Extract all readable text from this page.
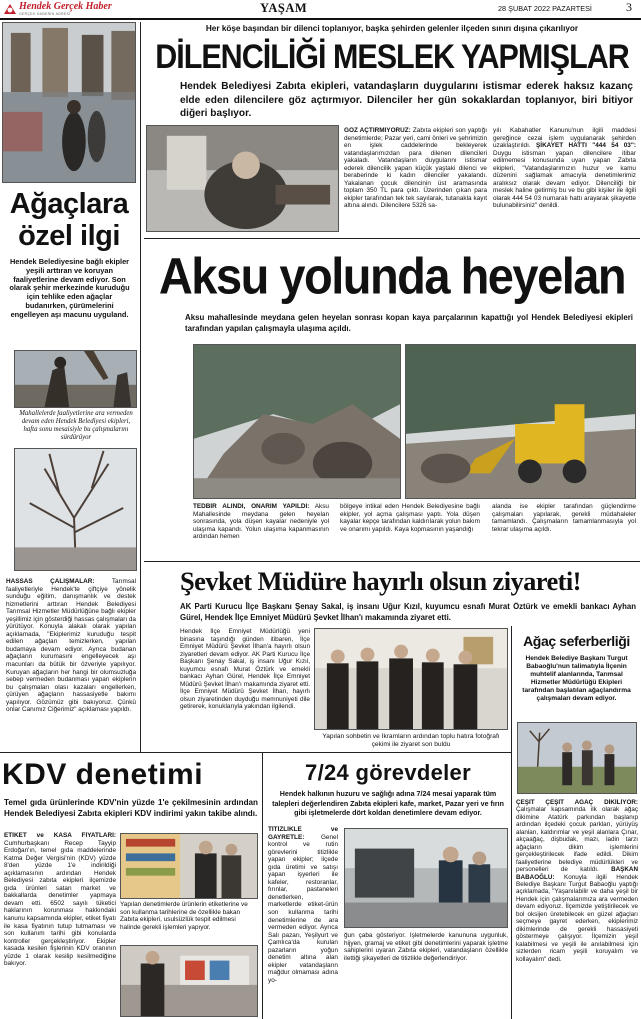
Hendek Gerçek Haber
GERÇEK HABERİN ADRESİ	YAŞAM	28 ŞUBAT 2022 PAZARTESİ	3
Ağaçlara
özel ilgi
Hendek Belediyesine bağlı ekipler yeşili arttıran ve koruyan faaliyetlerine devam ediyor. Son olarak şehir merkezinde kuruduğu için tehlike eden ağaçlar budanırken, çürümelerini engelleyen aşı macunu uyguland.
Mahallelerde faaliyetlerine ara vermeden devam eden Hendek Belediyesi ekipleri, hafta sonu mesaisiyle bu çalışmalarını sürdürüyor
HASSAS ÇALIŞMALAR:	Tarımsal faaliyetleriyle Hendek'te çiftçiye yönelik sunduğu eğitim, danışmanlık ve destek hizmetlerini arttıran Hendek Belediyesi Tarımsal Hizmetler Müdürlüğüne bağlı ekipler yeşillimiz için gösterdiği hassas çalışmaları da yürütüyor. Konuyla alakalı olarak yapılan açıklamada, "Ekiplerimiz kuruduğu tespit edilen ağaçları temizlerken, yapılan budamaya devam ediyor. Ayrıca budanan ağaçların kurumasını engelleyecek aşı macunları da bütük bir özveriyle yapılıyor. Kuruyan ağaçların her hangi bir olumsuzluğa sebep vermeden budanması yapan ekiplerin bu çalışmaları olası kazaları engellerken, çürüyen ağaçların hassasiyetle bakımı yapılıyor. Gözümüz gibi bakıyoruz. Çünkü onlar Canımız Ciğerimiz" açıklaması yapıldı.
Her köşe başından bir dilenci toplanıyor, başka şehirden gelenler ilçeden sınırı dışına çıkarılıyor
DİLENCİLİĞİ MESLEK YAPMIŞLAR
Hendek Belediyesi Zabıta ekipleri, vatandaşların duygularını istismar ederek haksız kazanç elde eden dilencilere göz açtırmıyor. Dilenciler her gün sokaklardan toplanıyor, biri bitiyor diğeri başlıyor.
GÖZ AÇTIRMIYORUZ: Zabıta ekipleri son yaptığı denetimlerde; Pazar yeri, cami önleri ve şehrimizin en işlek caddelerinde bekleyerek vatandaşlarımızdan para dilenen dilencileri yakaladı. Vatandaşların duygularını istismar ederek dilencilik yapan küçük yaştaki dilenci ve beraberinde ki kadın dilenciler yakalandı. Yakalanan çocuk dilencinin üst aramasında toplam 350 TL para çıktı. Üzerinden çıkan para ekipler tarafından tek tek sayılarak, tutanakla kayıt altına alındı. Dilencilere 5326 sa-
yılı Kabahatler Kanunu'nun ilgili maddesi gereğince cezai işlem uygulanarak şehirden uzaklaştırıldı. ŞİKAYET HATTI "444 54 03": Duygu istismarı yapan dilencilere itibar edilmemesi konusunda uyarı yapan Zabıta ekipleri, "Vatandaşlarımızın huzur ve kamu düzenini sağlamak amacıyla denetimlerimiz aralıksız olarak devam ediyor. Dilenciliği bir meslek haline getirmiş bu ve bu gibi kişiler ile ilgili olarak 444 54 03 numaralı hattı arayarak şikayette bulunabilirsiniz" denildi.
Aksu yolunda heyelan
Aksu mahallesinde meydana gelen heyelan sonrası kopan kaya parçalarının kapattığı yol Hendek Belediyesi ekipleri tarafından yapılan çalışmayla ulaşıma açıldı.
TEDBİR ALINDI, ONARIM YAPILDI: Aksu Mahallesinde meydana gelen heyelan sonrasında, yola düşen kayalar nedeniyle yol ulaşıma kapandı. Yolun ulaşıma kapanmasının ardından hemen
bölgeye intikal eden Hendek Belediyesine bağlı ekipler, yol açma çalışması yaptı. Yola düşen kayalar kepçe tarafından kaldırılarak yolun bakım ve onarımı yapıldı. Kaya kopmasının yaşandığı
alanda ise ekipler tarafından güçlendirme çalışmaları yapılarak, gerekli müdahaleler tamamlandı. Çalışmaların tamamlanmasıyla yol tekrar ulaşıma açıldı.
Şevket Müdüre hayırlı olsun ziyareti!
AK Parti Kurucu İlçe Başkanı Şenay Sakal, iş insanı Uğur Kızıl, kuyumcu esnafı Murat Öztürk ve emekli bankacı Ayhan Gürel, Hendek İlçe Emniyet Müdürü Şevket İlhan'ı makamında ziyaret etti.
Hendek İlçe Emniyet Müdürlüğü yeni binasına taşındığı günden itibaren, İlçe Emniyet Müdürü Şevket İlhan'a hayırlı olsun ziyaretleri devam ediyor. AK Parti Kurucu İlçe Başkanı Şenay Sakal, iş insanı Uğur Kızıl, kuyumcu esnafı Murat Öztürk ve emekli bankacı Ayhan Gürel, Hendek İlçe Emniyet Müdürü Şevket İlhan'ı makamında ziyaret etti. İlçe Emniyet Müdürü Şevket İlhan, hayırlı olsun ziyaretinden duyduğu memnuniyeti dile getirerek, konuklarıyla yakından ilgilendi.
Yapılan sohbetin ve İkramların ardından toplu hatıra fotoğrafı çekimi ile ziyaret son buldu
Ağaç seferberliği
Hendek Belediye Başkanı Turgut Babaoğlu'nun talimatıyla İlçenin muhtelif alanlarında, Tarımsal Hizmetler Müdürlüğü Ekipleri tarafından başlatılan ağaçlandırma çalışmaları devam ediyor.
ÇEŞİT ÇEŞİT AĞAÇ DİKİLİYOR: Çalışmalar kapsamında ilk olarak ağaç dikimine Atatürk parkından başlanıp ardından ilçedeki çocuk parkları, yürüyüş alanları, kaldırımlar ve yeşil alanlara Çınar, akçaağaç, dişbudak, mazı, ladin tarzı ağaçların dikim işlemlerini gerçekleştirilecek ifade edildi. Dikim faaliyetlerine belediye müdürlükleri ve personelleri de katıldı. BAŞKAN BABAOĞLU: Konuyla ilgili Hendek Belediye Başkanı Turgut Babaoğlu yaptığı açıklamada, "Yaşanılabilir ve daha yeşil bir Hendek için çalışmalarımıza ara vermeden devam ediyoruz. İlçemizde yetiştirilecek ve bol oksijen üretebilecek en güzel ağaçları seçmeye gayret ederken, ekiplerimiz dikimlerinde de gerekli hassasiyeti göstermeye çalışıyor. İlçemizin yeşil kalabilmesi ve yeşili ile anılabilmesi için sizlerden ricam yeşili koruyalım ve kollayalım" dedi.
KDV denetimi
Temel gıda ürünlerinde KDV'nin yüzde 1'e çekilmesinin ardından Hendek Belediyesi Zabıta ekipleri KDV indirimi yakın takibe alındı.
ETİKET ve KASA FİYATLARI: Cumhurbaşkanı Recep Tayyip Erdoğan'ın, temel gıda maddelerinde Katma Değer Vergisi'nin (KDV) yüzde 8'den yüzde 1'e indirildiği açıklamasının ardından Hendek Belediyesi zabıta ekipleri ilçemizde gıda ürünleri satan market ve bakkallarda denetimler yapmaya devam etti. 6502 sayılı tüketici haklarının korunması hakkındaki kanunu kapsamında ekipler, etiket fiyatı ile kasa fiyatının tutup tutmaması ve son kullanım tarihi gibi konularda kontroller gerçekleştiriyor. Ekipler kasada kesilen fişlerinin KDV oranının yüzde 1 olarak kesilip kesilmediğine bakıyor.
Yapılan denetimlerde ürünlerin etiketlerine ve son kullanma tarihlerine de özellikle bakan Zabıta ekipleri, usulsüzlük tespit edilmesi halinde gerekli işlemleri yapıyor.
7/24 görevdeler
Hendek halkının huzuru ve sağlığı adına 7/24 mesai yaparak tüm talepleri değerlendiren Zabıta ekipleri kafe, market, Pazar yeri ve fırın gibi işletmelerde dört koldan denetimlere devam ediyor.
TİTİZLİKLE ve GAYRETLE:	Genel kontrol ve rutin görevlerini titizlikle yapan ekipler; ilçede gıda üretimi ve satışı yapan işyerleri ile kafeler, restoranlar, fırınlar, pastaneleri denetlerken, marketlerde etiket-ürün son kullanma tarihi denetimlerine de ara vermeden ediyor. Ayrıca Salı pazarı, Yeşilyurt ve Çamlıca'da kurulan pazarların yoğun denetim altına alan ekipler vatandaşların mağdur olmaması adına yo-
ğun çaba gösteriyor. İşletmelerde kanununa uygunluk, hijyen, gramaj ve etiket gibi denetimlerini yaparak işletme sahiplerini uyaran Zabıta ekipleri, vatandaşların özellikle ilettiği şikayetleri de titizlikle değerlendiriyor.
